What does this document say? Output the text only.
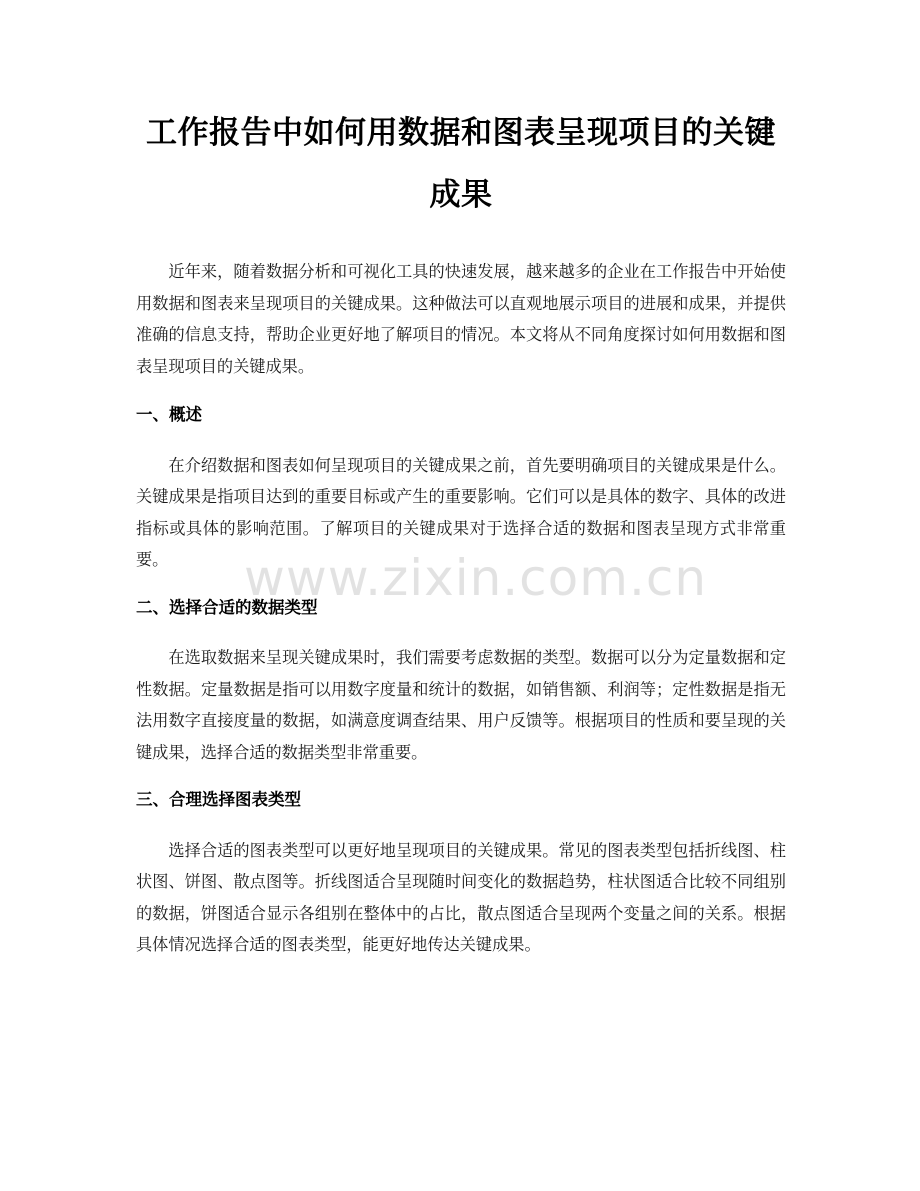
工作报告中如何用数据和图表呈现项目的关键成果

近年来，随着数据分析和可视化工具的快速发展，越来越多的企业在工作报告中开始使用数据和图表来呈现项目的关键成果。这种做法可以直观地展示项目的进展和成果，并提供准确的信息支持，帮助企业更好地了解项目的情况。本文将从不同角度探讨如何用数据和图表呈现项目的关键成果。

一、概述

在介绍数据和图表如何呈现项目的关键成果之前，首先要明确项目的关键成果是什么。关键成果是指项目达到的重要目标或产生的重要影响。它们可以是具体的数字、具体的改进指标或具体的影响范围。了解项目的关键成果对于选择合适的数据和图表呈现方式非常重要。

二、选择合适的数据类型

在选取数据来呈现关键成果时，我们需要考虑数据的类型。数据可以分为定量数据和定性数据。定量数据是指可以用数字度量和统计的数据，如销售额、利润等；定性数据是指无法用数字直接度量的数据，如满意度调查结果、用户反馈等。根据项目的性质和要呈现的关键成果，选择合适的数据类型非常重要。

三、合理选择图表类型

选择合适的图表类型可以更好地呈现项目的关键成果。常见的图表类型包括折线图、柱状图、饼图、散点图等。折线图适合呈现随时间变化的数据趋势，柱状图适合比较不同组别的数据，饼图适合显示各组别在整体中的占比，散点图适合呈现两个变量之间的关系。根据具体情况选择合适的图表类型，能更好地传达关键成果。

www.zixin.com.cn
